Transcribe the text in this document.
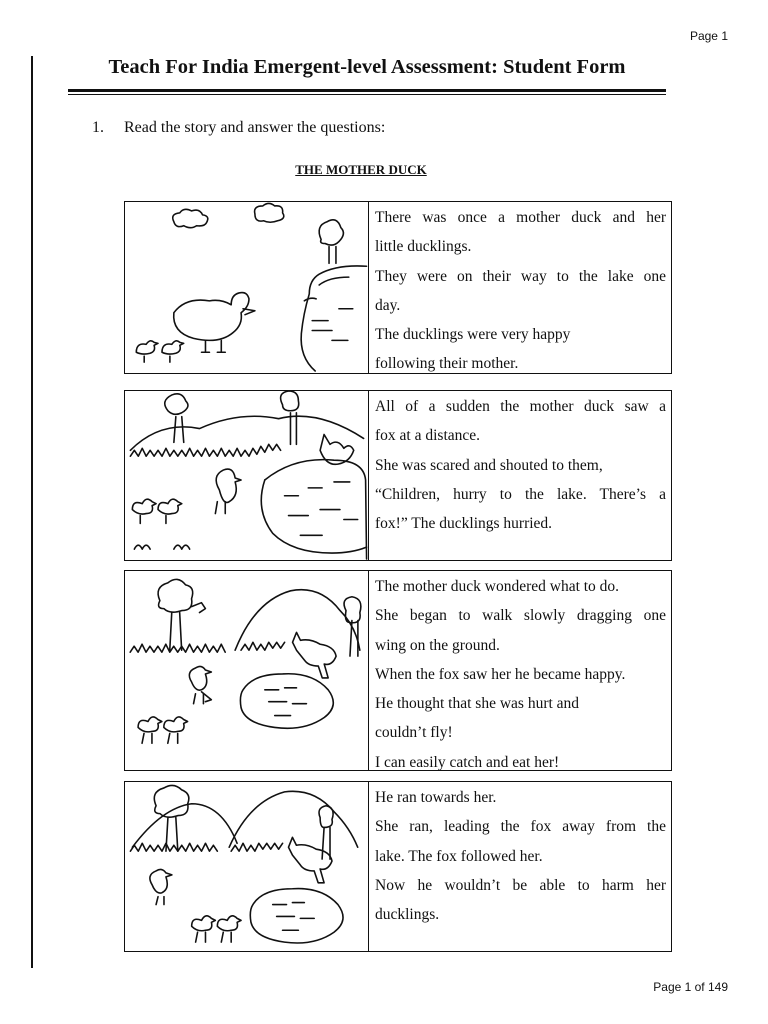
Page 1
Teach For India Emergent-level Assessment: Student Form
1. Read the story and answer the questions:
THE MOTHER DUCK
There was once a mother duck and her
little ducklings.
They were on their way to the lake one
day.
The ducklings were very happy
following their mother.
All of a sudden the mother duck saw a
fox at a distance.
She was scared and shouted to them,
“Children, hurry to the lake. There’s a
fox!” The ducklings hurried.
The mother duck wondered what to do.
She began to walk slowly dragging one
wing on the ground.
When the fox saw her he became happy.
He thought that she was hurt and
couldn’t fly!
I can easily catch and eat her!
He ran towards her.
She ran, leading the fox away from the
lake. The fox followed her.
Now he wouldn’t be able to harm her
ducklings.
Page 1 of 149
